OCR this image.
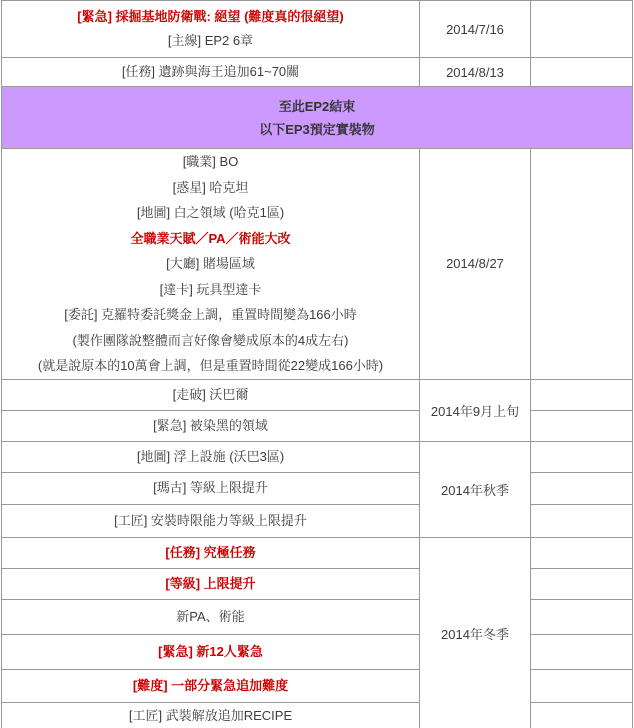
[緊急] 採掘基地防衛戰: 絕望 (難度真的很絕望)
[主線] EP2 6章	2014/7/16	

[任務] 遺跡與海王追加61~70關	2014/8/13	

至此EP2結束
以下EP3預定實裝物		

[職業] BO
[惑星] 哈克坦
[地圖] 白之領域 (哈克1區)
全職業天賦／PA／術能大改
[大廳] 賭場區域
[達卡] 玩具型達卡
[委託] 克羅特委託獎金上調，重置時間變為166小時
(製作團隊說整體而言好像會變成原本的4成左右)
(就是說原本的10萬會上調，但是重置時間從22變成166小時)
	2014/8/27	

[走破] 沃巴爾	2014年9月上旬	

[緊急] 被染黑的領域		

[地圖] 浮上設施 (沃巴3區)	2014年秋季	

[瑪古] 等級上限提升		

[工匠] 安裝時限能力等級上限提升		

[任務] 究極任務	2014年冬季	

[等級] 上限提升		

新PA、術能		

[緊急] 新12人緊急		

[難度] 一部分緊急追加難度		

[工匠] 武裝解放追加RECIPE		
